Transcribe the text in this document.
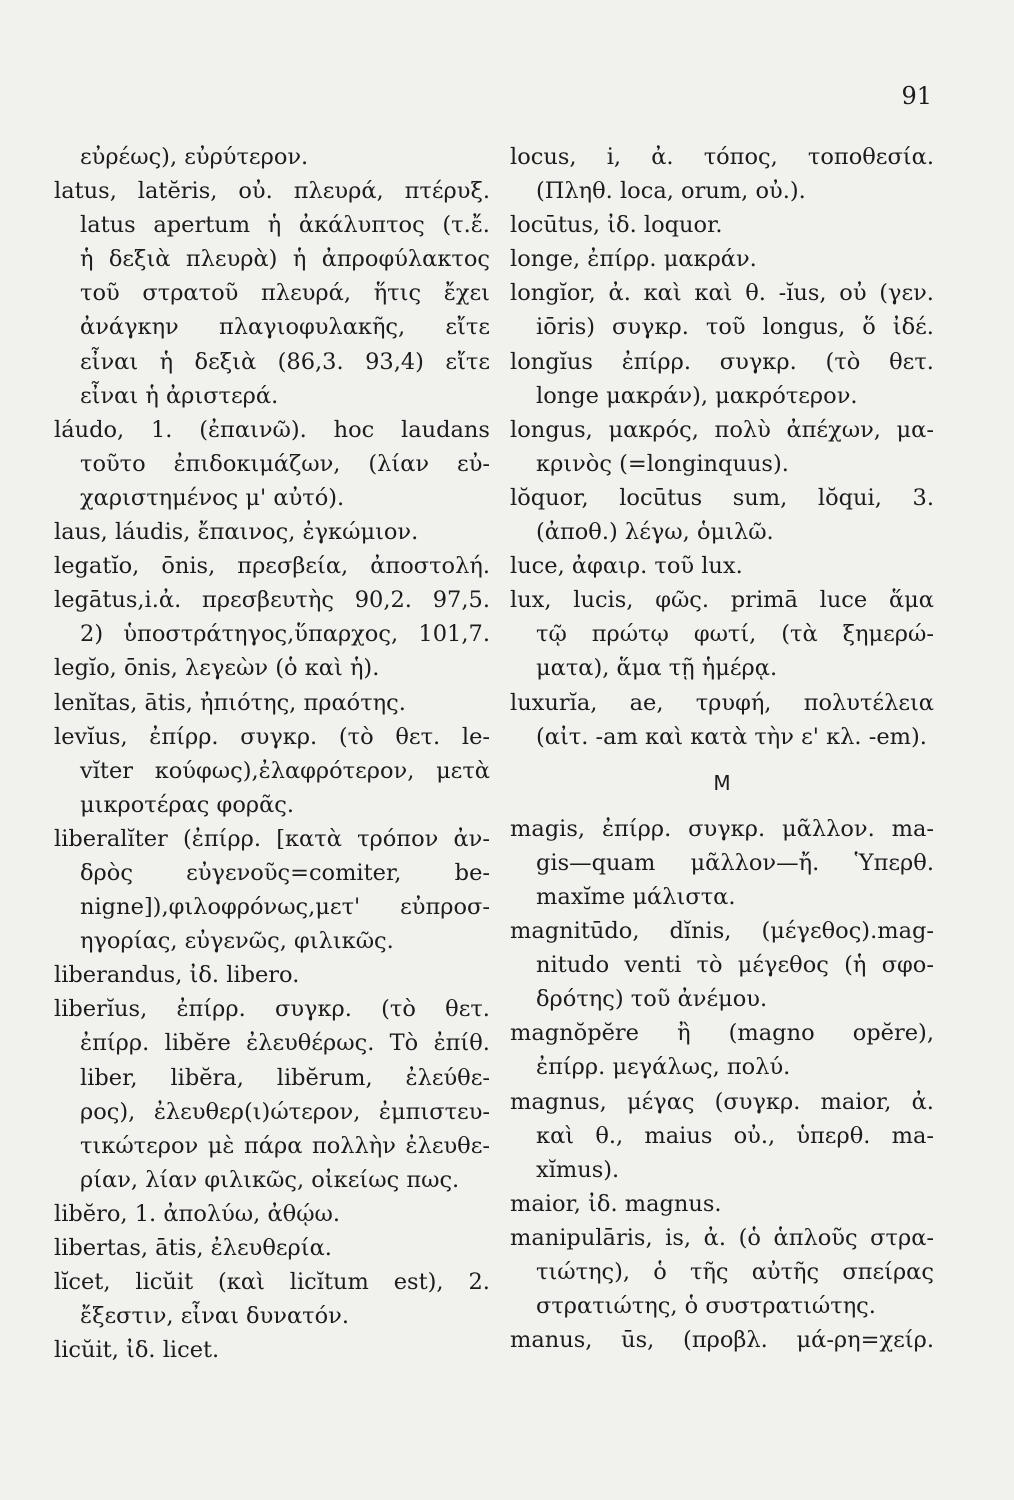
91
εὐρέως), εὐρύτερον.
latus, latĕris, οὐ. πλευρά, πτέρυξ.
latus apertum ἡ ἀκάλυπτος (τ.ἔ.
ἡ δεξιὰ πλευρὰ) ἡ ἀπροφύλακτος
τοῦ στρατοῦ πλευρά, ἥτις ἔχει
ἀνάγκην πλαγιοφυλακῆς, εἴτε
εἶναι ἡ δεξιὰ (86,3. 93,4) εἴτε
εἶναι ἡ ἀριστερά.
láudo, 1. (ἐπαινῶ). hoc laudans
τοῦτο ἐπιδοκιμάζων, (λίαν εὐ-
χαριστημένος μ' αὐτό).
laus, láudis, ἔπαινος, ἐγκώμιον.
legatĭo, ōnis, πρεσβεία, ἀποστολή.
legātus,i.ἀ. πρεσβευτὴς 90,2. 97,5.
2) ὑποστράτηγος,ὕπαρχος, 101,7.
legĭo, ōnis, λεγεὼν (ὁ καὶ ἡ).
lenĭtas, ātis, ἠπιότης, πραότης.
levĭus, ἐπίρρ. συγκρ. (τὸ θετ. le-
vĭter κούφως),ἐλαφρότερον, μετὰ
μικροτέρας φορᾶς.
liberalĭter (ἐπίρρ. [κατὰ τρόπον ἀν-
δρὸς εὐγενοῦς=comiter, be-
nigne]),φιλοφρόνως,μετ' εὐπροσ-
ηγορίας, εὐγενῶς, φιλικῶς.
liberandus, ἰδ. libero.
liberĭus, ἐπίρρ. συγκρ. (τὸ θετ.
ἐπίρρ. libĕre ἐλευθέρως. Τὸ ἐπίθ.
liber, libĕra, libĕrum, ἐλεύθε-
ρος), ἐλευθερ(ι)ώτερον, ἐμπιστευ-
τικώτερον μὲ πάρα πολλὴν ἐλευθε-
ρίαν, λίαν φιλικῶς, οἰκείως πως.
libĕro, 1. ἀπολύω, ἀθῴω.
libertas, ātis, ἐλευθερία.
lĭcet, licŭit (καὶ licĭtum est), 2.
ἔξεστιν, εἶναι δυνατόν.
licŭit, ἰδ. licet.
locus, i, ἀ. τόπος, τοποθεσία.
(Πληθ. loca, orum, οὐ.).
locūtus, ἰδ. loquor.
longe, ἐπίρρ. μακράν.
longĭor, ἀ. καὶ καὶ θ. -ĭus, οὐ (γεν.
iōris) συγκρ. τοῦ longus, ὅ ἰδέ.
longĭus ἐπίρρ. συγκρ. (τὸ θετ.
longe μακράν), μακρότερον.
longus, μακρός, πολὺ ἀπέχων, μα-
κρινὸς (=longinquus).
lŏquor, locūtus sum, lŏqui, 3.
(ἀποθ.) λέγω, ὁμιλῶ.
luce, ἀφαιρ. τοῦ lux.
lux, lucis, φῶς. primā luce ἅμα
τῷ πρώτῳ φωτί, (τὰ ξημερώ-
ματα), ἅμα τῇ ἡμέρᾳ.
luxurĭa, ae, τρυφή, πολυτέλεια
(αἰτ. -am καὶ κατὰ τὴν ε' κλ. -em).
M
magis, ἐπίρρ. συγκρ. μᾶλλον. ma-
gis—quam μᾶλλον—ἤ. Ὑπερθ.
maxĭme μάλιστα.
magnitūdo, dĭnis, (μέγεθος).mag-
nitudo venti τὸ μέγεθος (ἡ σφο-
δρότης) τοῦ ἀνέμου.
magnŏpĕre ἢ (magno opĕre),
ἐπίρρ. μεγάλως, πολύ.
magnus, μέγας (συγκρ. maior, ἀ.
καὶ θ., maius οὐ., ὑπερθ. ma-
xĭmus).
maior, ἰδ. magnus.
manipulāris, is, ἀ. (ὁ ἁπλοῦς στρα-
τιώτης), ὁ τῆς αὐτῆς σπείρας
στρατιώτης, ὁ συστρατιώτης.
manus, ūs, (προβλ. μά-ρη=χείρ.
